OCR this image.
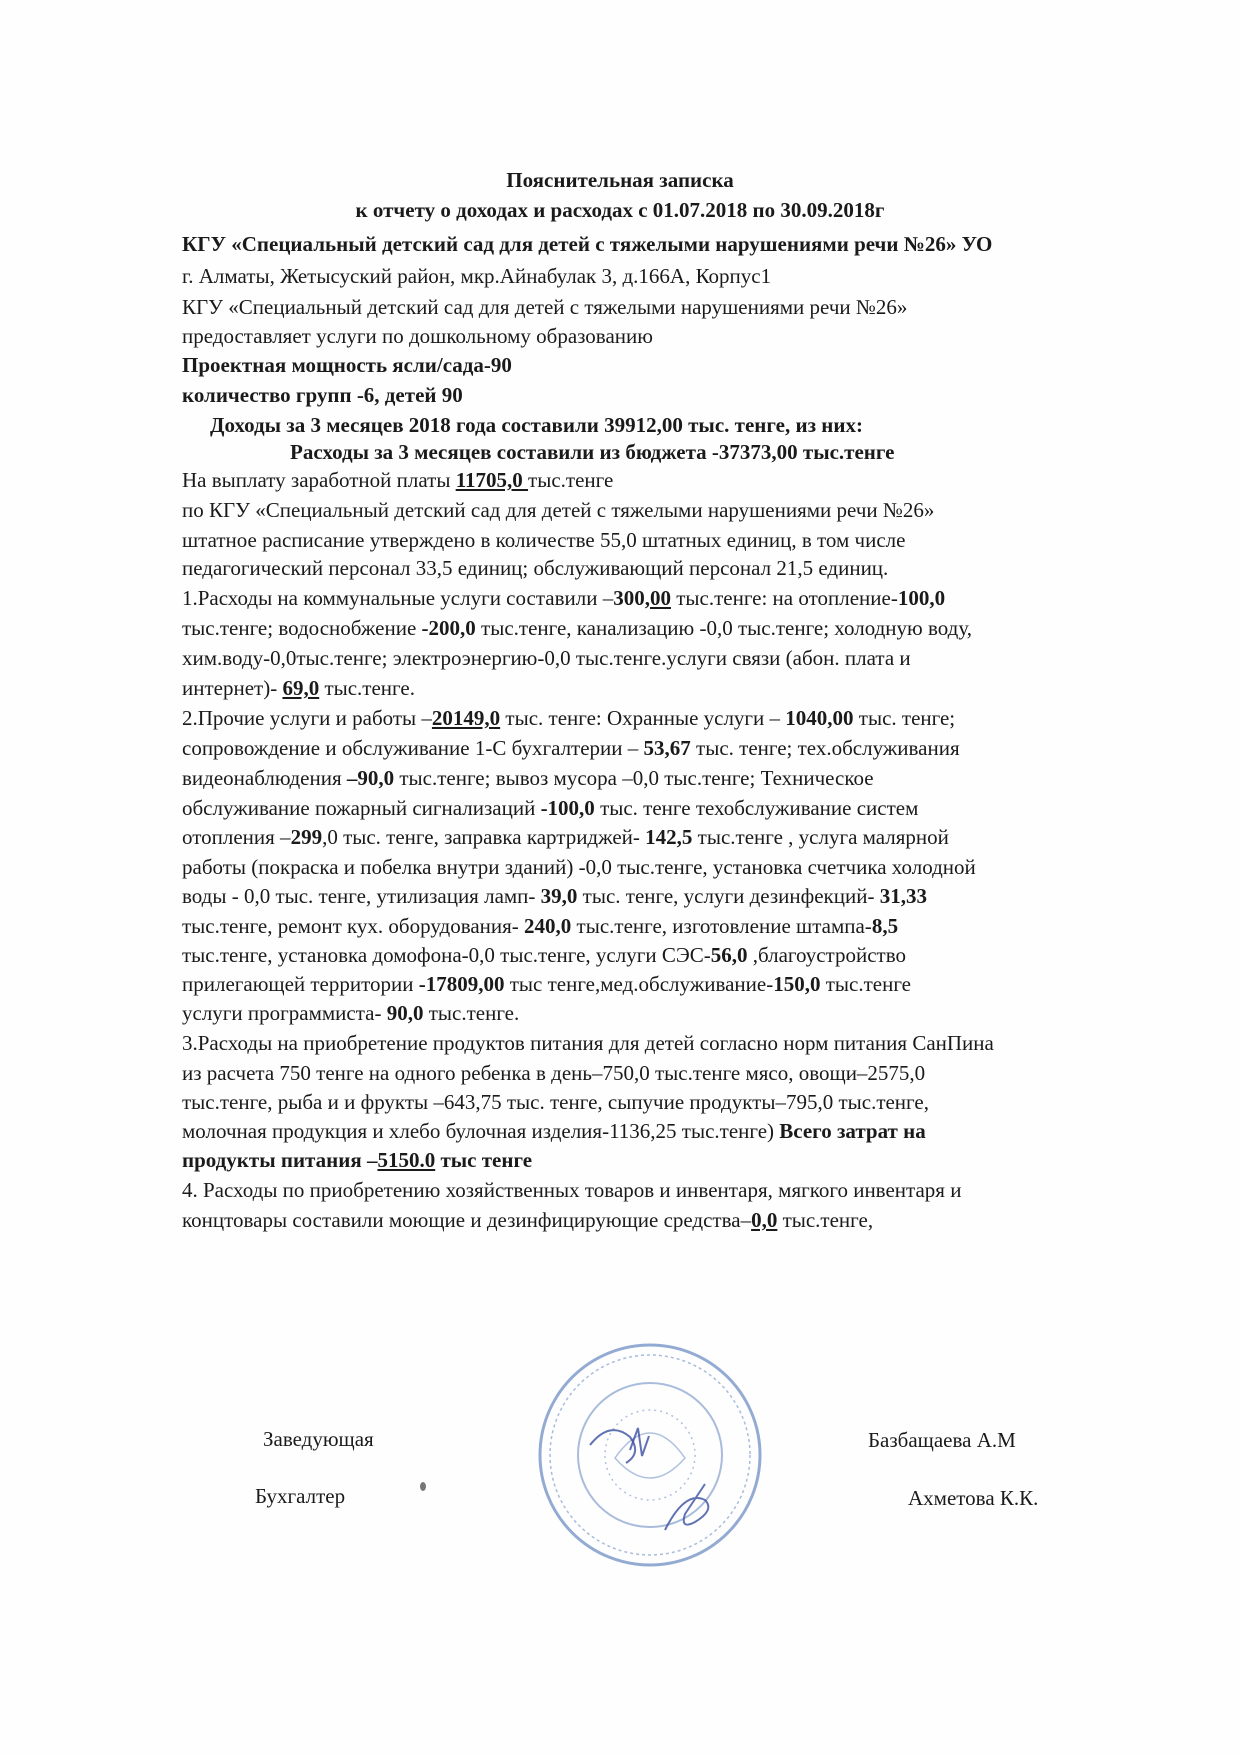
Пояснительная записка
к отчету о доходах и расходах с 01.07.2018 по 30.09.2018г
КГУ «Специальный детский сад для детей с тяжелыми нарушениями речи №26» УО
г. Алматы, Жетысуский район, мкр.Айнабулак 3, д.166А, Корпус1
КГУ «Специальный детский сад для детей с тяжелыми нарушениями речи №26»
предоставляет услуги по дошкольному образованию
Проектная мощность ясли/сада-90
количество групп -6, детей 90
Доходы за 3 месяцев 2018 года составили 39912,00 тыс. тенге, из них:
Расходы за 3 месяцев составили из бюджета -37373,00 тыс.тенге
На выплату заработной платы 11705,0 тыс.тенге
по КГУ «Специальный детский сад для детей с тяжелыми нарушениями речи №26»
штатное расписание утверждено в количестве 55,0 штатных единиц, в том числе
педагогический персонал 33,5 единиц; обслуживающий персонал 21,5 единиц.
1.Расходы на коммунальные услуги составили –300,00 тыс.тенге: на отопление-100,0
тыс.тенге; водоснобжение -200,0 тыс.тенге, канализацию -0,0 тыс.тенге; холодную воду,
хим.воду-0,0тыс.тенге; электроэнергию-0,0 тыс.тенге.услуги связи (абон. плата и
интернет)- 69,0 тыс.тенге.
2.Прочие услуги и работы –20149,0 тыс. тенге: Охранные услуги – 1040,00 тыс. тенге;
сопровождение и обслуживание 1-С бухгалтерии – 53,67 тыс. тенге; тех.обслуживания
видеонаблюдения –90,0 тыс.тенге; вывоз мусора –0,0 тыс.тенге; Техническое
обслуживание пожарный сигнализаций -100,0 тыс. тенге техобслуживание систем
отопления –299,0 тыс. тенге, заправка картриджей- 142,5 тыс.тенге , услуга малярной
работы (покраска и побелка внутри зданий) -0,0 тыс.тенге, установка счетчика холодной
воды - 0,0 тыс. тенге, утилизация ламп- 39,0 тыс. тенге, услуги дезинфекций- 31,33
тыс.тенге, ремонт кух. оборудования- 240,0 тыс.тенге, изготовление штампа-8,5
тыс.тенге, установка домофона-0,0 тыс.тенге, услуги СЭС-56,0 ,благоустройство
прилегающей территории -17809,00 тыс тенге,мед.обслуживание-150,0 тыс.тенге
услуги программиста- 90,0 тыс.тенге.
3.Расходы на приобретение продуктов питания для детей согласно норм питания СанПина
из расчета 750 тенге на одного ребенка в день–750,0 тыс.тенге мясо, овощи–2575,0
тыс.тенге, рыба и и фрукты –643,75 тыс. тенге, сыпучие продукты–795,0 тыс.тенге,
молочная продукция и хлебо булочная изделия-1136,25 тыс.тенге) Всего затрат на
продукты питания –5150.0 тыс тенге
4. Расходы по приобретению хозяйственных товаров и инвентаря, мягкого инвентаря и
концтовары составили моющие и дезинфицирующие средства–0,0 тыс.тенге,
Заведующая	Базбащаева А.М
Бухгалтер	Ахметова К.К.
